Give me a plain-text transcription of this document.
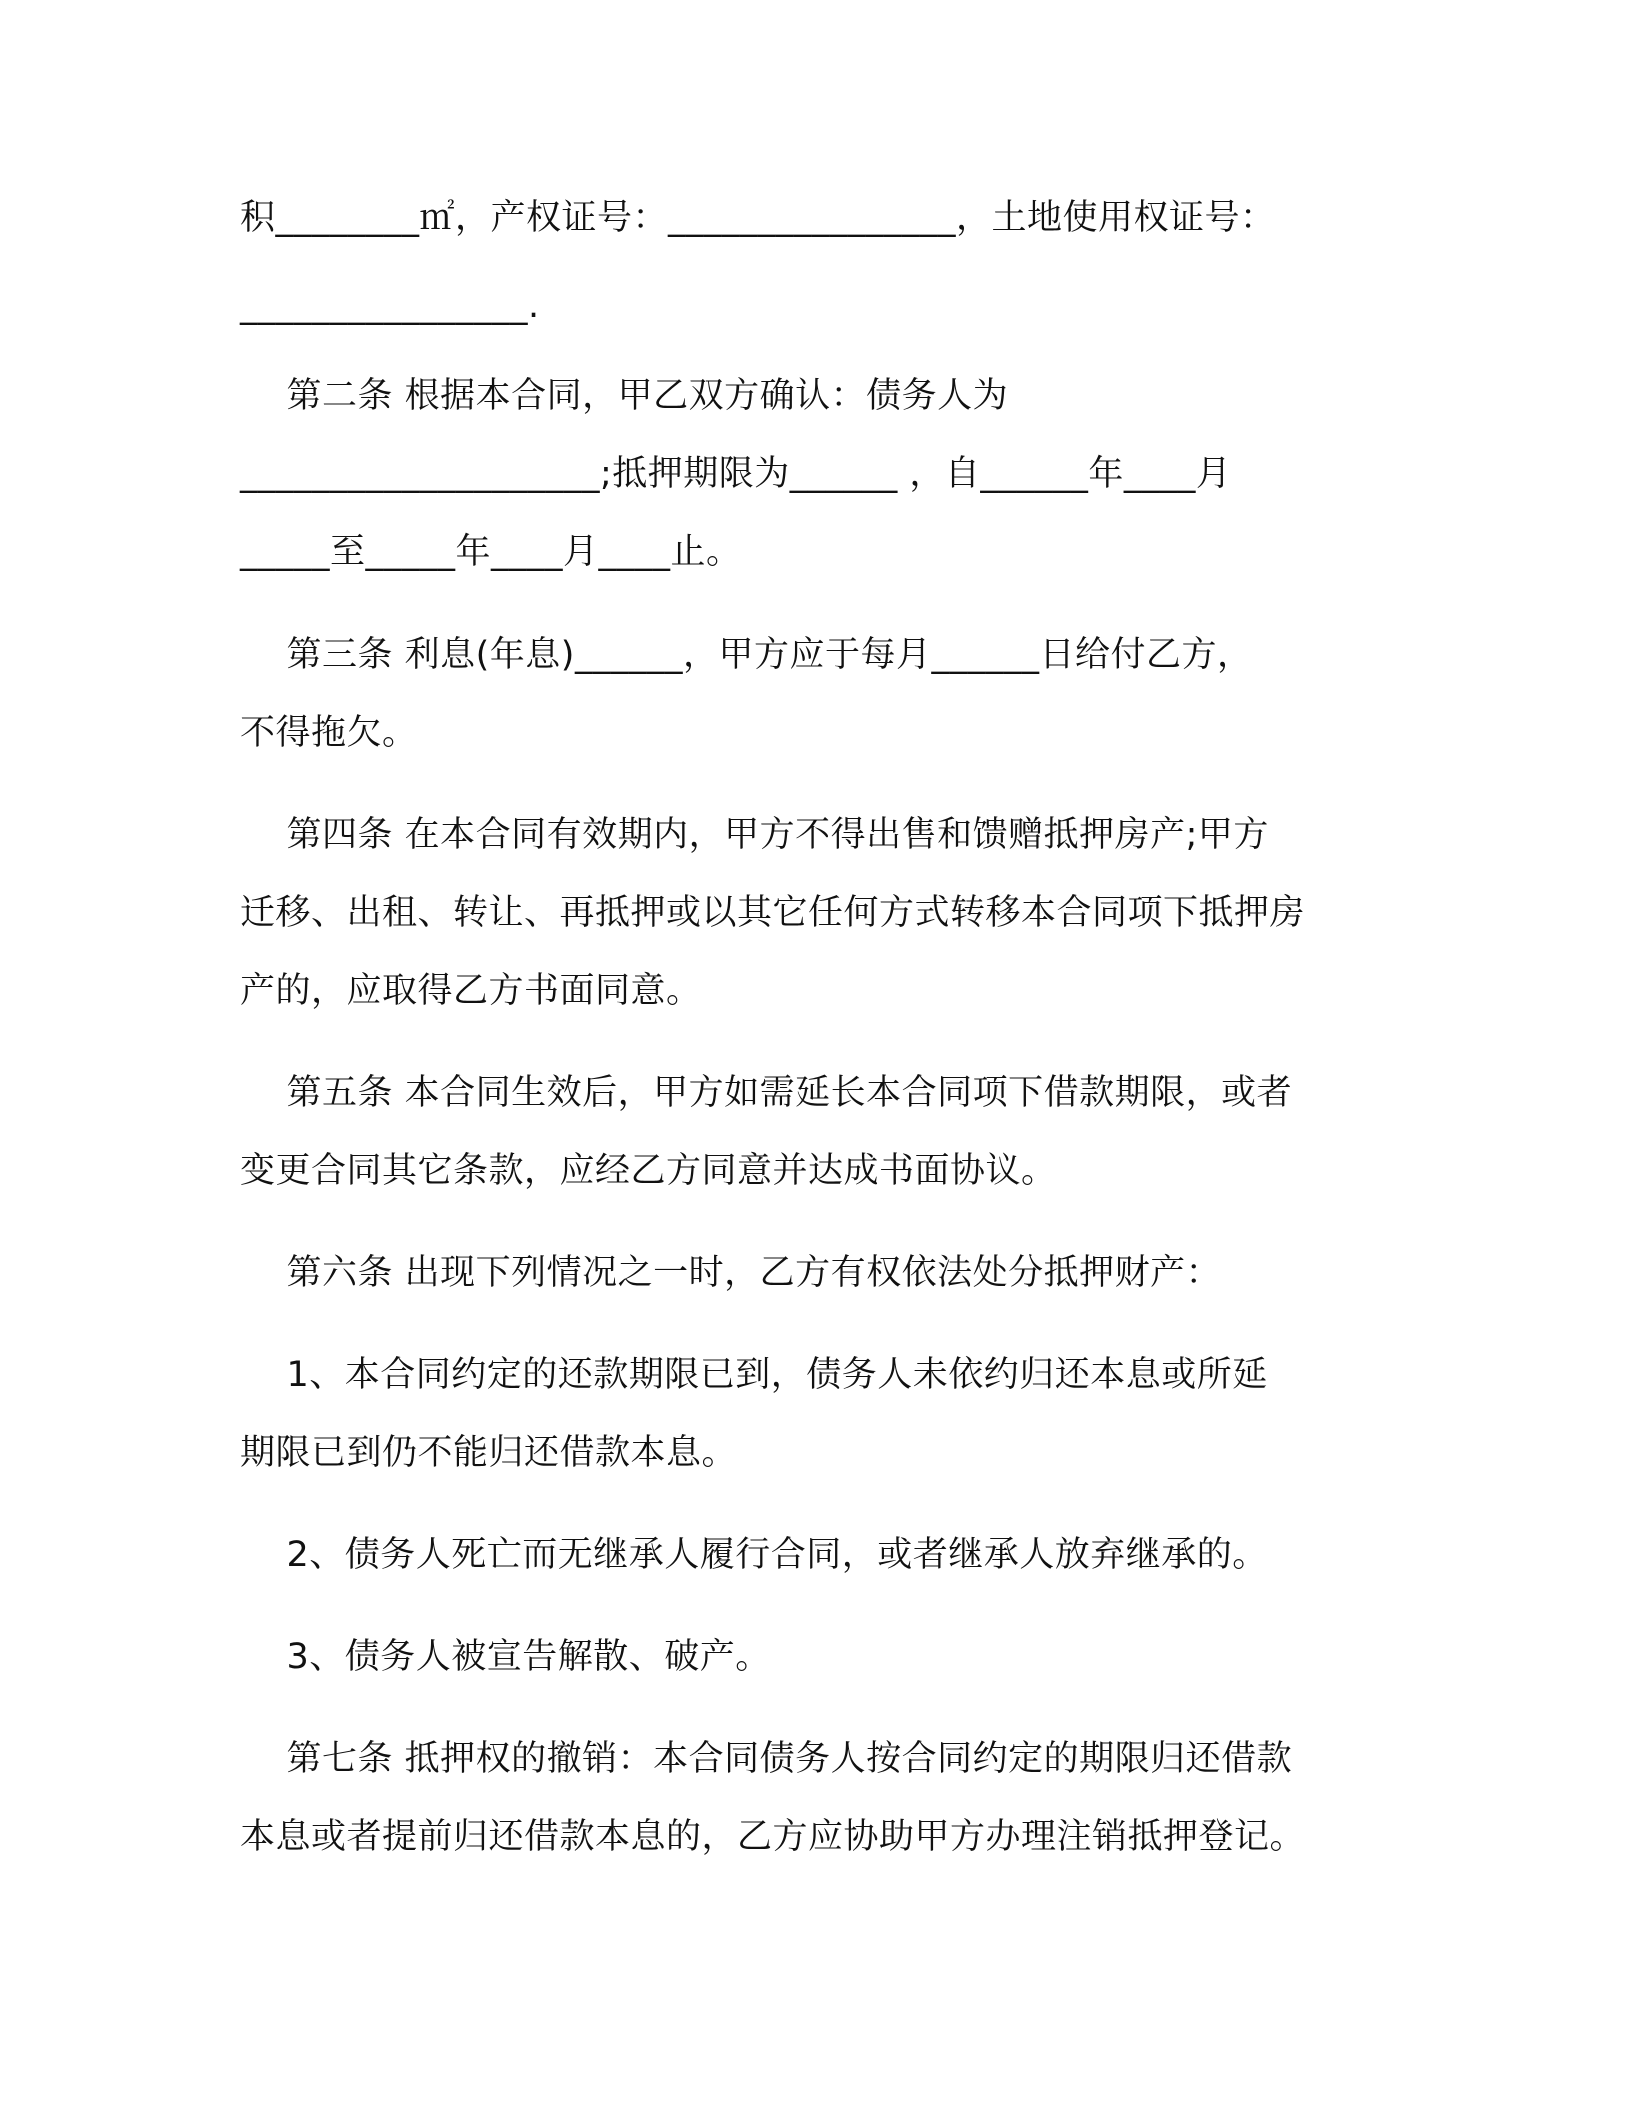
积________㎡，产权证号：________________，土地使用权证号：
________________.
第二条 根据本合同，甲乙双方确认：债务人为
____________________;抵押期限为______ ，自______年____月
_____至_____年____月____止。
第三条 利息(年息)______，甲方应于每月______日给付乙方，
不得拖欠。
第四条 在本合同有效期内，甲方不得出售和馈赠抵押房产;甲方
迁移、出租、转让、再抵押或以其它任何方式转移本合同项下抵押房
产的，应取得乙方书面同意。
第五条 本合同生效后，甲方如需延长本合同项下借款期限，或者
变更合同其它条款，应经乙方同意并达成书面协议。
第六条 出现下列情况之一时，乙方有权依法处分抵押财产：
1、本合同约定的还款期限已到，债务人未依约归还本息或所延
期限已到仍不能归还借款本息。
2、债务人死亡而无继承人履行合同，或者继承人放弃继承的。
3、债务人被宣告解散、破产。
第七条 抵押权的撤销：本合同债务人按合同约定的期限归还借款
本息或者提前归还借款本息的，乙方应协助甲方办理注销抵押登记。
